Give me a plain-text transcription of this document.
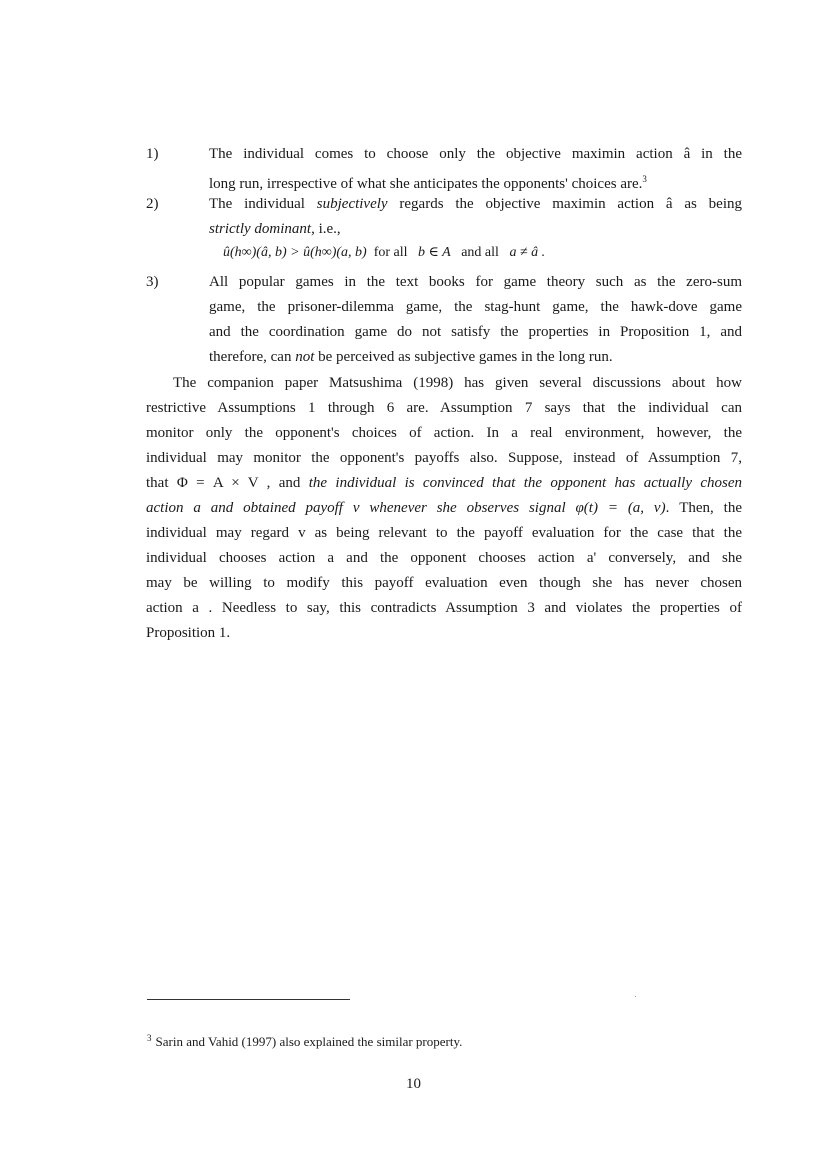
1)	The individual comes to choose only the objective maximin action â in the
long run, irrespective of what she anticipates the opponents' choices are.$^3$
2)	The individual subjectively regards the objective maximin action â as being
strictly dominant, i.e.,
û(h∞)(â, b) > û(h∞)(a, b) for all b ∈ A and all a ≠ â .
3)	All popular games in the text books for game theory such as the zero-sum
game, the prisoner-dilemma game, the stag-hunt game, the hawk-dove game
and the coordination game do not satisfy the properties in Proposition 1, and
therefore, can not be perceived as subjective games in the long run.
The companion paper Matsushima (1998) has given several discussions about how
restrictive Assumptions 1 through 6 are. Assumption 7 says that the individual can
monitor only the opponent's choices of action. In a real environment, however, the
individual may monitor the opponent's payoffs also. Suppose, instead of Assumption 7,
that Φ = A × V , and the individual is convinced that the opponent has actually chosen
action a and obtained payoff v whenever she observes signal φ(t) = (a, v). Then, the
individual may regard v as being relevant to the payoff evaluation for the case that the
individual chooses action a and the opponent chooses action a' conversely, and she
may be willing to modify this payoff evaluation even though she has never chosen
action a . Needless to say, this contradicts Assumption 3 and violates the properties of
Proposition 1.
$^3$ Sarin and Vahid (1997) also explained the similar property.
10
